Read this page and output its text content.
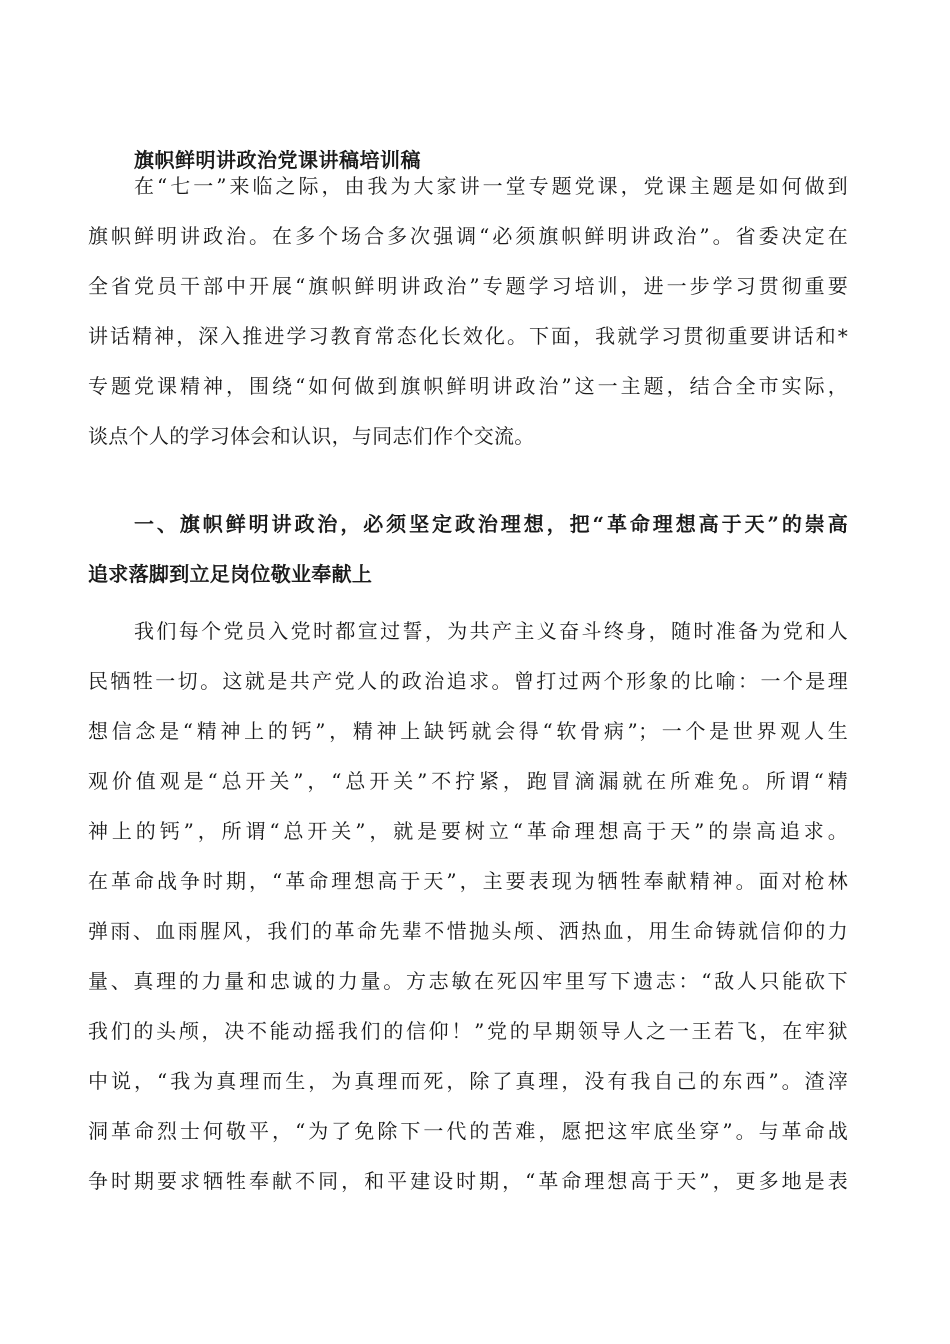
旗帜鲜明讲政治党课讲稿培训稿
在“七一”来临之际，由我为大家讲一堂专题党课，党课主题是如何做到
旗帜鲜明讲政治。在多个场合多次强调“必须旗帜鲜明讲政治”。省委决定在
全省党员干部中开展“旗帜鲜明讲政治”专题学习培训，进一步学习贯彻重要
讲话精神，深入推进学习教育常态化长效化。下面，我就学习贯彻重要讲话和*
专题党课精神，围绕“如何做到旗帜鲜明讲政治”这一主题，结合全市实际，
谈点个人的学习体会和认识，与同志们作个交流。
一、旗帜鲜明讲政治，必须坚定政治理想，把“革命理想高于天”的崇高
追求落脚到立足岗位敬业奉献上
我们每个党员入党时都宣过誓，为共产主义奋斗终身，随时准备为党和人
民牺牲一切。这就是共产党人的政治追求。曾打过两个形象的比喻：一个是理
想信念是“精神上的钙”，精神上缺钙就会得“软骨病”；一个是世界观人生
观价值观是“总开关”，“总开关”不拧紧，跑冒滴漏就在所难免。所谓“精
神上的钙”，所谓“总开关”，就是要树立“革命理想高于天”的崇高追求。
在革命战争时期，“革命理想高于天”，主要表现为牺牲奉献精神。面对枪林
弹雨、血雨腥风，我们的革命先辈不惜抛头颅、洒热血，用生命铸就信仰的力
量、真理的力量和忠诚的力量。方志敏在死囚牢里写下遗志：“敌人只能砍下
我们的头颅，决不能动摇我们的信仰！”党的早期领导人之一王若飞，在牢狱
中说，“我为真理而生，为真理而死，除了真理，没有我自己的东西”。渣滓
洞革命烈士何敬平，“为了免除下一代的苦难，愿把这牢底坐穿”。与革命战
争时期要求牺牲奉献不同，和平建设时期，“革命理想高于天”，更多地是表
